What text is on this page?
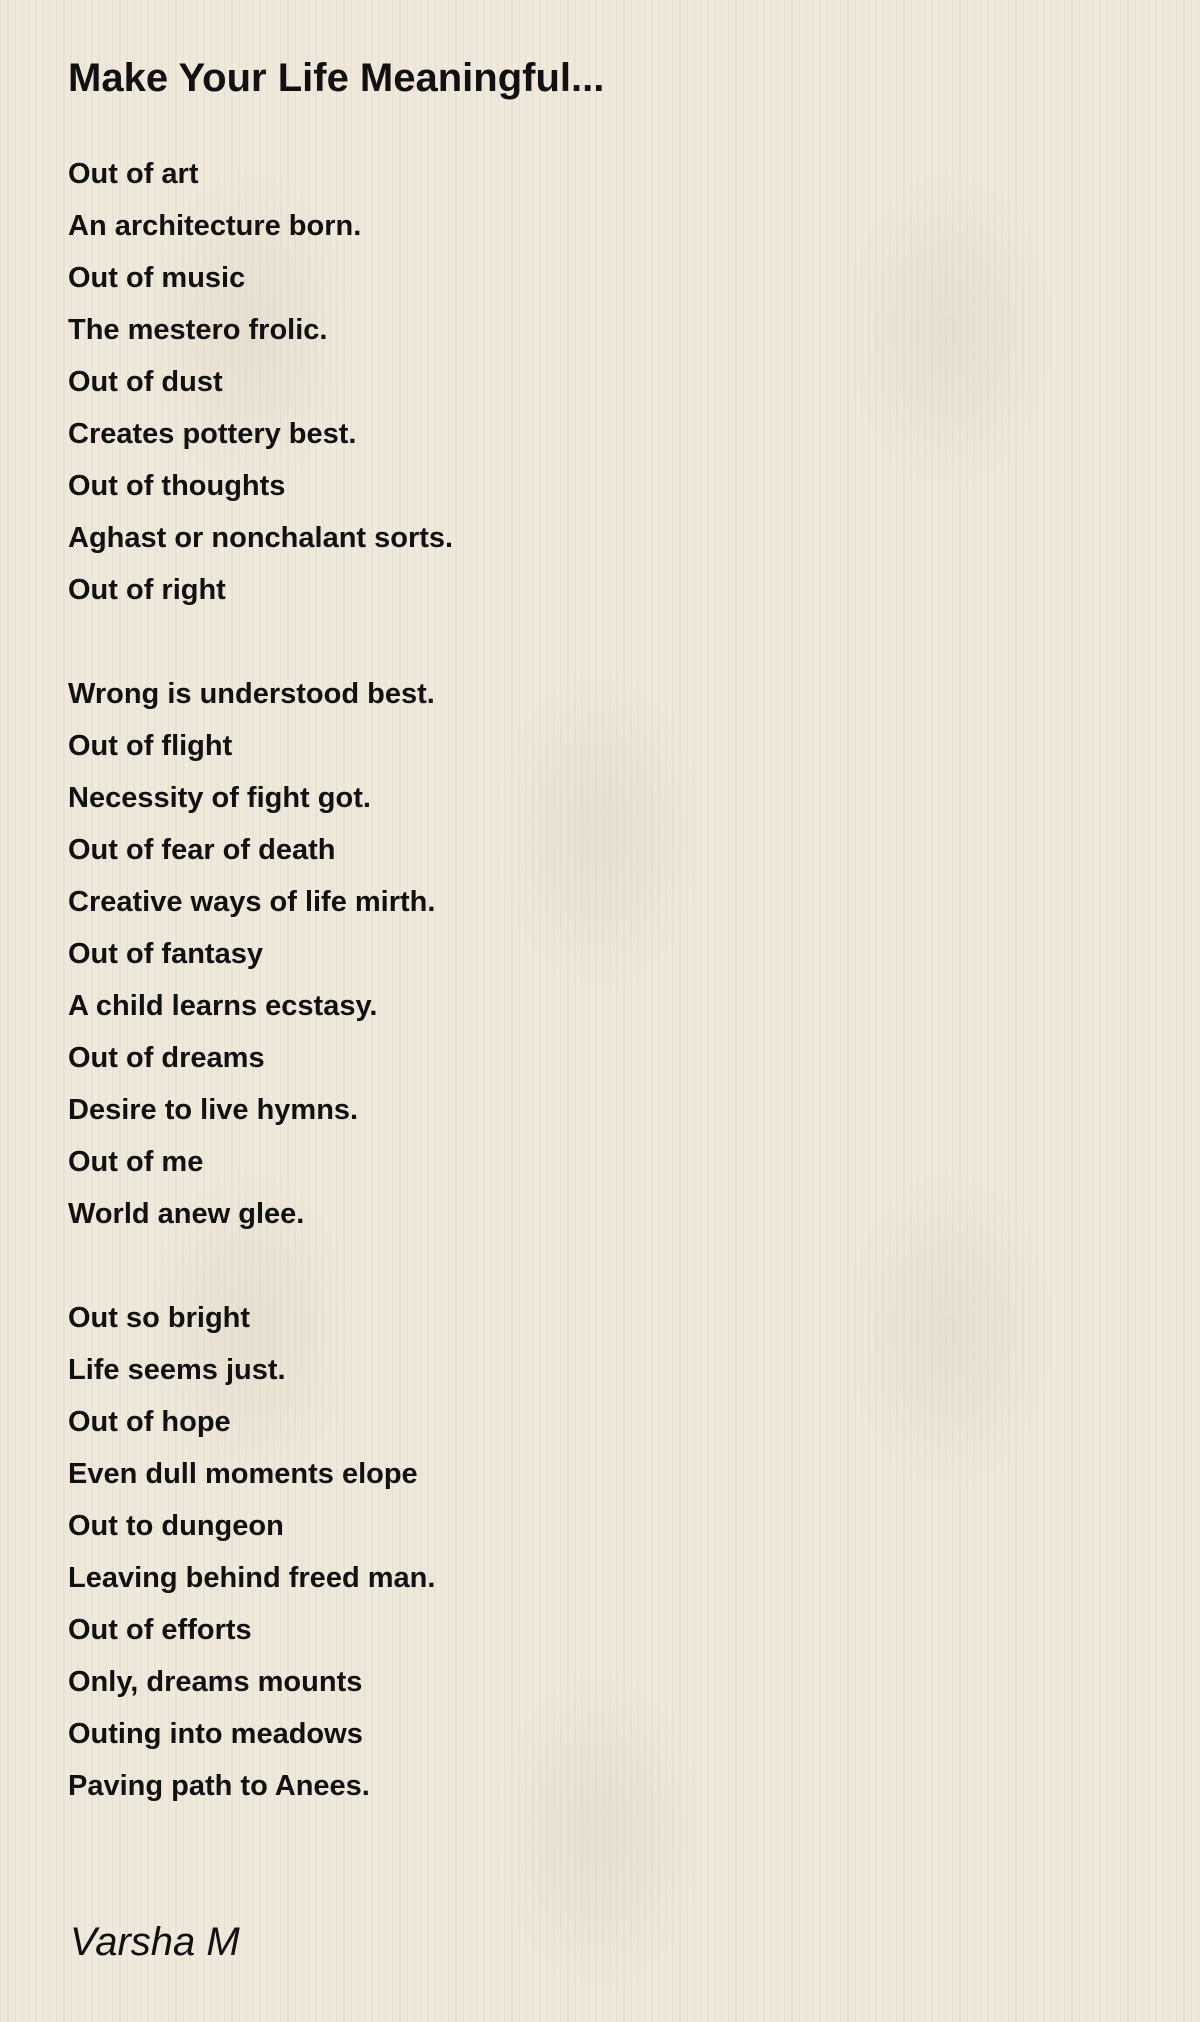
Make Your Life Meaningful...
Out of art
An architecture born.
Out of music
The mestero frolic.
Out of dust
Creates pottery best.
Out of thoughts
Aghast or nonchalant sorts.
Out of right
Wrong is understood best.
Out of flight
Necessity of fight got.
Out of fear of death
Creative ways of life mirth.
Out of fantasy
A child learns ecstasy.
Out of dreams
Desire to live hymns.
Out of me
World anew glee.
Out so bright
Life seems just.
Out of hope
Even dull moments elope
Out to dungeon
Leaving behind freed man.
Out of efforts
Only, dreams mounts
Outing into meadows
Paving path to Anees.
Varsha M
